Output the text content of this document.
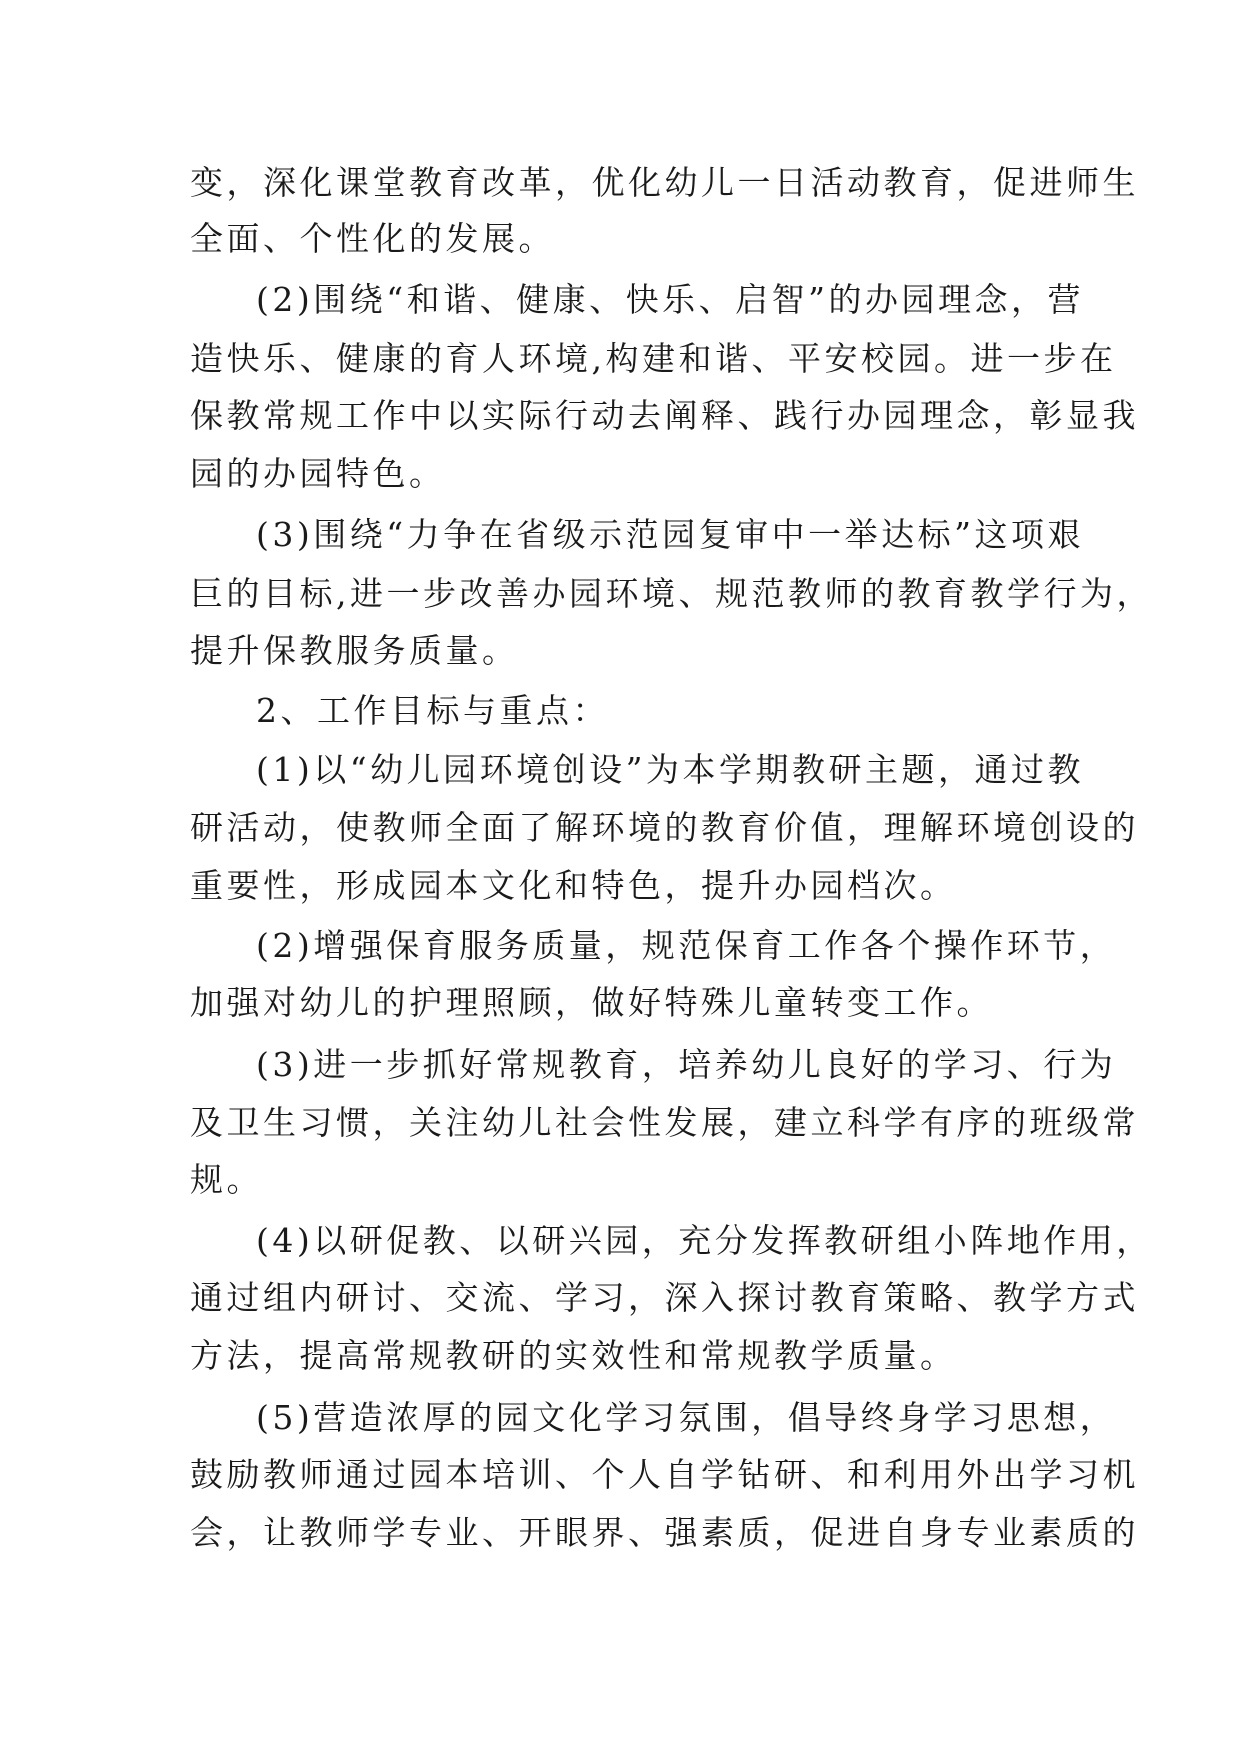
变，深化课堂教育改革，优化幼儿一日活动教育，促进师生

全面、个性化的发展。

(2)围绕“和谐、健康、快乐、启智”的办园理念，营

造快乐、健康的育人环境,构建和谐、平安校园。进一步在

保教常规工作中以实际行动去阐释、践行办园理念，彰显我

园的办园特色。

(3)围绕“力争在省级示范园复审中一举达标”这项艰

巨的目标,进一步改善办园环境、规范教师的教育教学行为，

提升保教服务质量。

2、工作目标与重点：

(1)以“幼儿园环境创设”为本学期教研主题，通过教

研活动，使教师全面了解环境的教育价值，理解环境创设的

重要性，形成园本文化和特色，提升办园档次。

(2)增强保育服务质量，规范保育工作各个操作环节，

加强对幼儿的护理照顾，做好特殊儿童转变工作。

(3)进一步抓好常规教育，培养幼儿良好的学习、行为

及卫生习惯，关注幼儿社会性发展，建立科学有序的班级常

规。

(4)以研促教、以研兴园，充分发挥教研组小阵地作用，

通过组内研讨、交流、学习，深入探讨教育策略、教学方式

方法，提高常规教研的实效性和常规教学质量。

(5)营造浓厚的园文化学习氛围，倡导终身学习思想，

鼓励教师通过园本培训、个人自学钻研、和利用外出学习机

会，让教师学专业、开眼界、强素质，促进自身专业素质的
